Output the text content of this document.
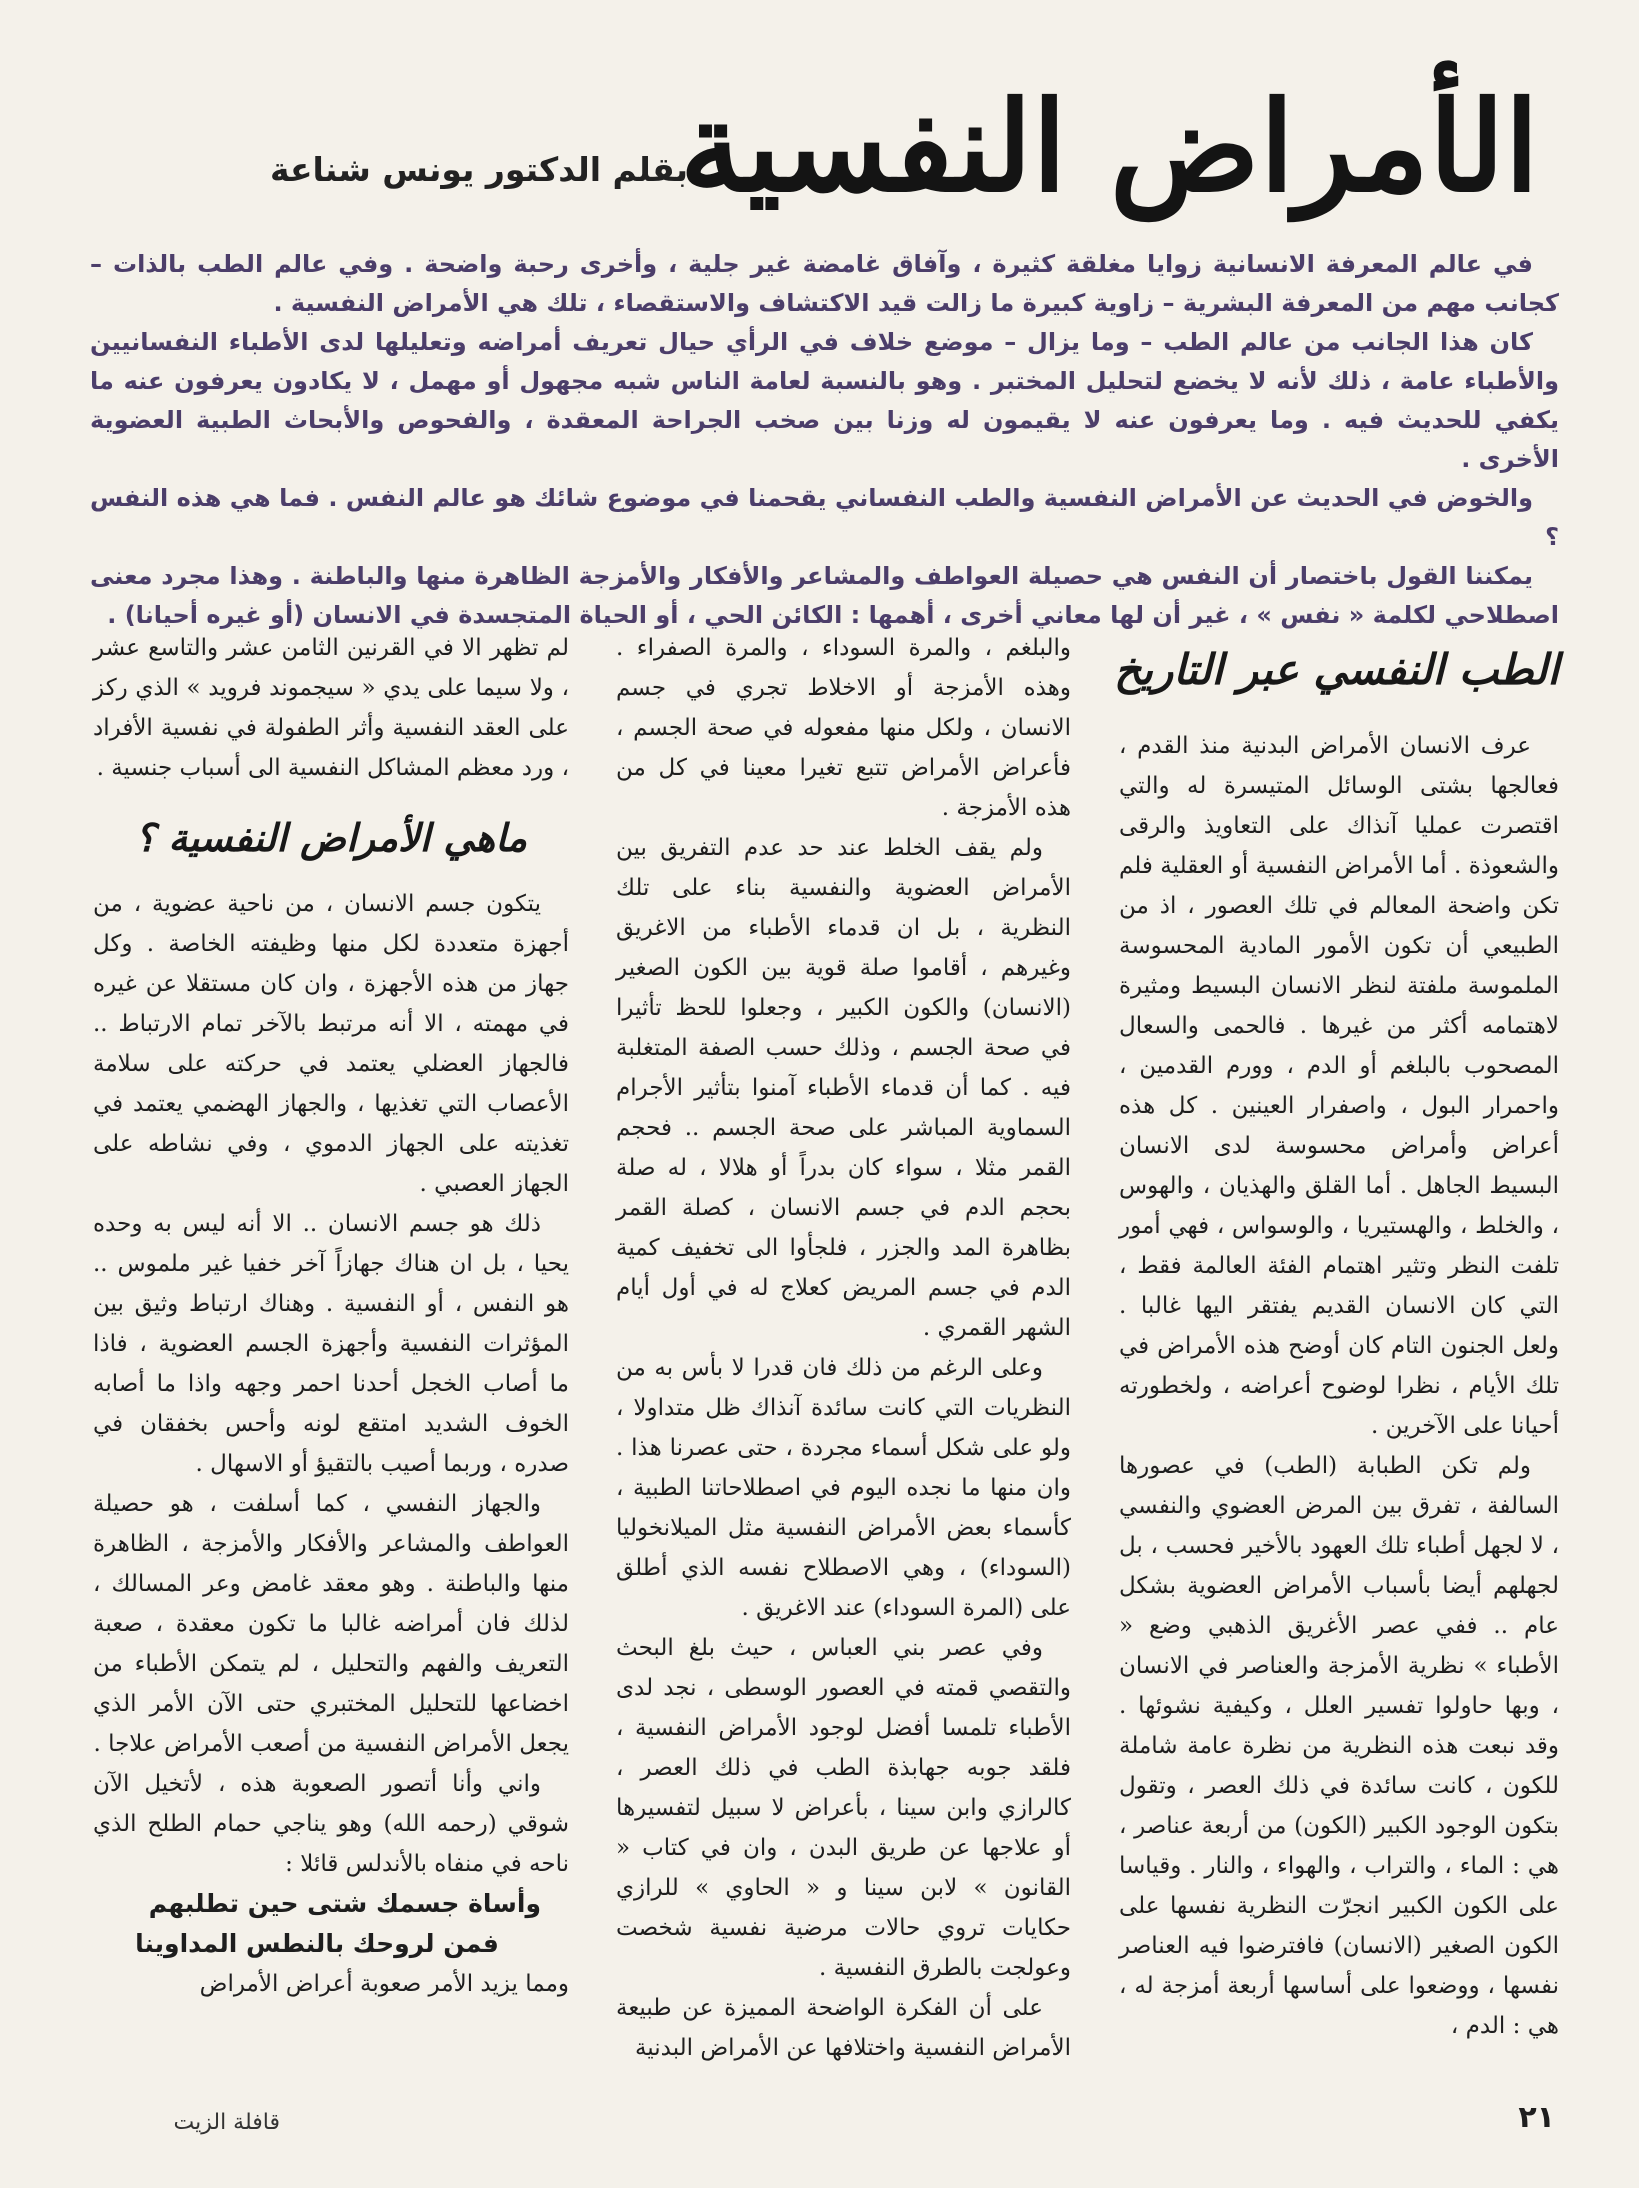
الأمراض النفسية
بقلم الدكتور يونس شناعة

في عالم المعرفة الانسانية زوايا مغلقة كثيرة ، وآفاق غامضة غير جلية ، وأخرى رحبة واضحة . وفي عالم الطب بالذات – كجانب مهم من المعرفة البشرية – زاوية كبيرة ما زالت قيد الاكتشاف والاستقصاء ، تلك هي الأمراض النفسية .

كان هذا الجانب من عالم الطب – وما يزال – موضع خلاف في الرأي حيال تعريف أمراضه وتعليلها لدى الأطباء النفسانيين والأطباء عامة ، ذلك لأنه لا يخضع لتحليل المختبر . وهو بالنسبة لعامة الناس شبه مجهول أو مهمل ، لا يكادون يعرفون عنه ما يكفي للحديث فيه . وما يعرفون عنه لا يقيمون له وزنا بين صخب الجراحة المعقدة ، والفحوص والأبحاث الطبية العضوية الأخرى .

والخوض في الحديث عن الأمراض النفسية والطب النفساني يقحمنا في موضوع شائك هو عالم النفس . فما هي هذه النفس ؟

يمكننا القول باختصار أن النفس هي حصيلة العواطف والمشاعر والأفكار والأمزجة الظاهرة منها والباطنة . وهذا مجرد معنى اصطلاحي لكلمة « نفس » ، غير أن لها معاني أخرى ، أهمها : الكائن الحي ، أو الحياة المتجسدة في الانسان (أو غيره أحيانا) .

الطب النفسي عبر التاريخ

عرف الانسان الأمراض البدنية منذ القدم ، فعالجها بشتى الوسائل المتيسرة له والتي اقتصرت عمليا آنذاك على التعاويذ والرقى والشعوذة . أما الأمراض النفسية أو العقلية فلم تكن واضحة المعالم في تلك العصور ، اذ من الطبيعي أن تكون الأمور المادية المحسوسة الملموسة ملفتة لنظر الانسان البسيط ومثيرة لاهتمامه أكثر من غيرها . فالحمى والسعال المصحوب بالبلغم أو الدم ، وورم القدمين ، واحمرار البول ، واصفرار العينين . كل هذه أعراض وأمراض محسوسة لدى الانسان البسيط الجاهل . أما القلق والهذيان ، والهوس ، والخلط ، والهستيريا ، والوسواس ، فهي أمور تلفت النظر وتثير اهتمام الفئة العالمة فقط ، التي كان الانسان القديم يفتقر اليها غالبا . ولعل الجنون التام كان أوضح هذه الأمراض في تلك الأيام ، نظرا لوضوح أعراضه ، ولخطورته أحيانا على الآخرين .

ولم تكن الطبابة (الطب) في عصورها السالفة ، تفرق بين المرض العضوي والنفسي ، لا لجهل أطباء تلك العهود بالأخير فحسب ، بل لجهلهم أيضا بأسباب الأمراض العضوية بشكل عام .. ففي عصر الأغريق الذهبي وضع « الأطباء » نظرية الأمزجة والعناصر في الانسان ، وبها حاولوا تفسير العلل ، وكيفية نشوئها . وقد نبعت هذه النظرية من نظرة عامة شاملة للكون ، كانت سائدة في ذلك العصر ، وتقول بتكون الوجود الكبير (الكون) من أربعة عناصر ، هي : الماء ، والتراب ، والهواء ، والنار . وقياسا على الكون الكبير انجرّت النظرية نفسها على الكون الصغير (الانسان) فافترضوا فيه العناصر نفسها ، ووضعوا على أساسها أربعة أمزجة له ، هي : الدم ،

والبلغم ، والمرة السوداء ، والمرة الصفراء . وهذه الأمزجة أو الاخلاط تجري في جسم الانسان ، ولكل منها مفعوله في صحة الجسم ، فأعراض الأمراض تتبع تغيرا معينا في كل من هذه الأمزجة .

ولم يقف الخلط عند حد عدم التفريق بين الأمراض العضوية والنفسية بناء على تلك النظرية ، بل ان قدماء الأطباء من الاغريق وغيرهم ، أقاموا صلة قوية بين الكون الصغير (الانسان) والكون الكبير ، وجعلوا للحظ تأثيرا في صحة الجسم ، وذلك حسب الصفة المتغلبة فيه . كما أن قدماء الأطباء آمنوا بتأثير الأجرام السماوية المباشر على صحة الجسم .. فحجم القمر مثلا ، سواء كان بدراً أو هلالا ، له صلة بحجم الدم في جسم الانسان ، كصلة القمر بظاهرة المد والجزر ، فلجأوا الى تخفيف كمية الدم في جسم المريض كعلاج له في أول أيام الشهر القمري .

وعلى الرغم من ذلك فان قدرا لا بأس به من النظريات التي كانت سائدة آنذاك ظل متداولا ، ولو على شكل أسماء مجردة ، حتى عصرنا هذا . وان منها ما نجده اليوم في اصطلاحاتنا الطبية ، كأسماء بعض الأمراض النفسية مثل الميلانخوليا (السوداء) ، وهي الاصطلاح نفسه الذي أطلق على (المرة السوداء) عند الاغريق .

وفي عصر بني العباس ، حيث بلغ البحث والتقصي قمته في العصور الوسطى ، نجد لدى الأطباء تلمسا أفضل لوجود الأمراض النفسية ، فلقد جوبه جهابذة الطب في ذلك العصر ، كالرازي وابن سينا ، بأعراض لا سبيل لتفسيرها أو علاجها عن طريق البدن ، وان في كتاب « القانون » لابن سينا و « الحاوي » للرازي حكايات تروي حالات مرضية نفسية شخصت وعولجت بالطرق النفسية .

على أن الفكرة الواضحة المميزة عن طبيعة الأمراض النفسية واختلافها عن الأمراض البدنية

لم تظهر الا في القرنين الثامن عشر والتاسع عشر ، ولا سيما على يدي « سيجموند فرويد » الذي ركز على العقد النفسية وأثر الطفولة في نفسية الأفراد ، ورد معظم المشاكل النفسية الى أسباب جنسية .

ماهي الأمراض النفسية ؟

يتكون جسم الانسان ، من ناحية عضوية ، من أجهزة متعددة لكل منها وظيفته الخاصة . وكل جهاز من هذه الأجهزة ، وان كان مستقلا عن غيره في مهمته ، الا أنه مرتبط بالآخر تمام الارتباط .. فالجهاز العضلي يعتمد في حركته على سلامة الأعصاب التي تغذيها ، والجهاز الهضمي يعتمد في تغذيته على الجهاز الدموي ، وفي نشاطه على الجهاز العصبي .

ذلك هو جسم الانسان .. الا أنه ليس به وحده يحيا ، بل ان هناك جهازاً آخر خفيا غير ملموس .. هو النفس ، أو النفسية . وهناك ارتباط وثيق بين المؤثرات النفسية وأجهزة الجسم العضوية ، فاذا ما أصاب الخجل أحدنا احمر وجهه واذا ما أصابه الخوف الشديد امتقع لونه وأحس بخفقان في صدره ، وربما أصيب بالتقيؤ أو الاسهال .

والجهاز النفسي ، كما أسلفت ، هو حصيلة العواطف والمشاعر والأفكار والأمزجة ، الظاهرة منها والباطنة . وهو معقد غامض وعر المسالك ، لذلك فان أمراضه غالبا ما تكون معقدة ، صعبة التعريف والفهم والتحليل ، لم يتمكن الأطباء من اخضاعها للتحليل المختبري حتى الآن الأمر الذي يجعل الأمراض النفسية من أصعب الأمراض علاجا .

واني وأنا أتصور الصعوبة هذه ، لأتخيل الآن شوقي (رحمه الله) وهو يناجي حمام الطلح الذي ناحه في منفاه بالأندلس قائلا :

وأساة جسمك شتى حين تطلبهم

فمن لروحك بالنطس المداوينا

ومما يزيد الأمر صعوبة أعراض الأمراض

٢١
قافلة الزيت
